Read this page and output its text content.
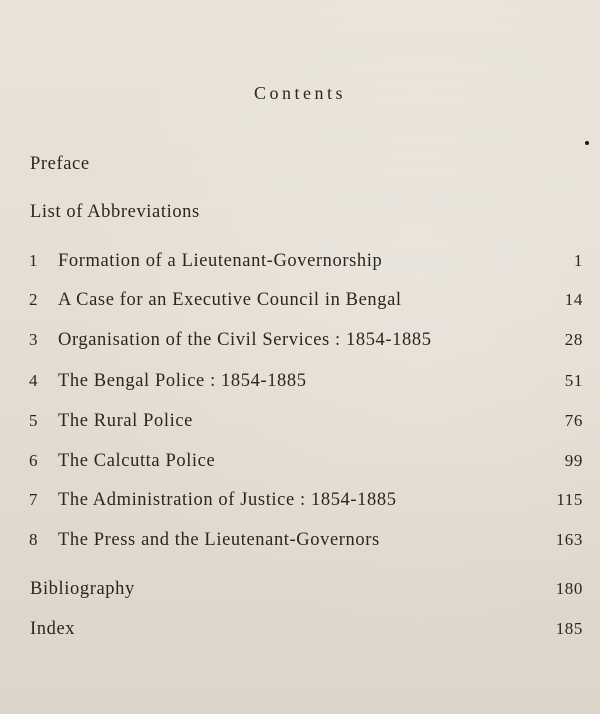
Contents
Preface
List of Abbreviations
1 Formation of a Lieutenant-Governorship	1
2 A Case for an Executive Council in Bengal	14
3 Organisation of the Civil Services : 1854-1885	28
4 The Bengal Police : 1854-1885	51
5 The Rural Police	76
6 The Calcutta Police	99
7 The Administration of Justice : 1854-1885	115
8 The Press and the Lieutenant-Governors	163
Bibliography	180
Index	185
